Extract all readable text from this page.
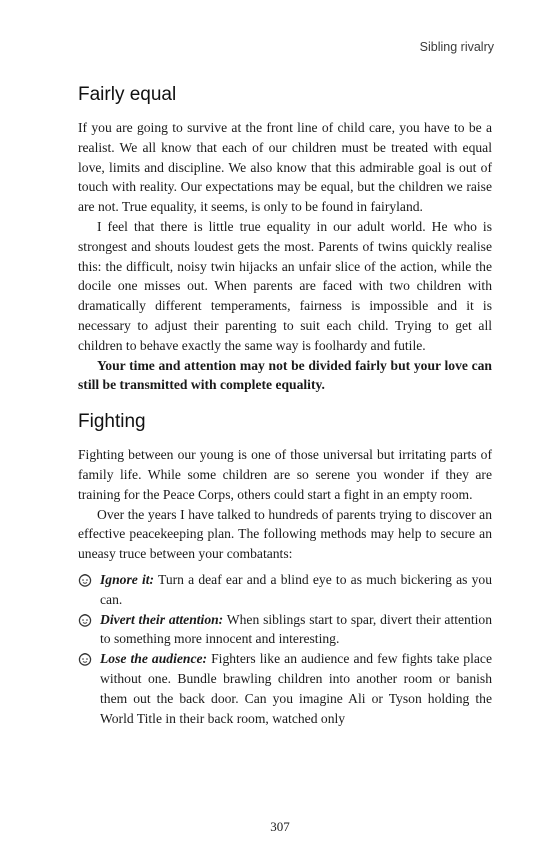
Sibling rivalry
Fairly equal

If you are going to survive at the front line of child care, you have to be a realist. We all know that each of our children must be treated with equal love, limits and discipline. We also know that this admirable goal is out of touch with reality. Our expectations may be equal, but the children we raise are not. True equality, it seems, is only to be found in fairyland.

I feel that there is little true equality in our adult world. He who is strongest and shouts loudest gets the most. Parents of twins quickly realise this: the difficult, noisy twin hijacks an unfair slice of the action, while the docile one misses out. When parents are faced with two children with dramatically different temperaments, fairness is impossible and it is necessary to adjust their parenting to suit each child. Trying to get all children to behave exactly the same way is foolhardy and futile.

Your time and attention may not be divided fairly but your love can still be transmitted with complete equality.

Fighting

Fighting between our young is one of those universal but irritating parts of family life. While some children are so serene you wonder if they are training for the Peace Corps, others could start a fight in an empty room.

Over the years I have talked to hundreds of parents trying to discover an effective peacekeeping plan. The following methods may help to secure an uneasy truce between your combatants:

Ignore it: Turn a deaf ear and a blind eye to as much bickering as you can.
Divert their attention: When siblings start to spar, divert their attention to something more innocent and interesting.
Lose the audience: Fighters like an audience and few fights take place without one. Bundle brawling children into another room or banish them out the back door. Can you imagine Ali or Tyson holding the World Title in their back room, watched only
307
